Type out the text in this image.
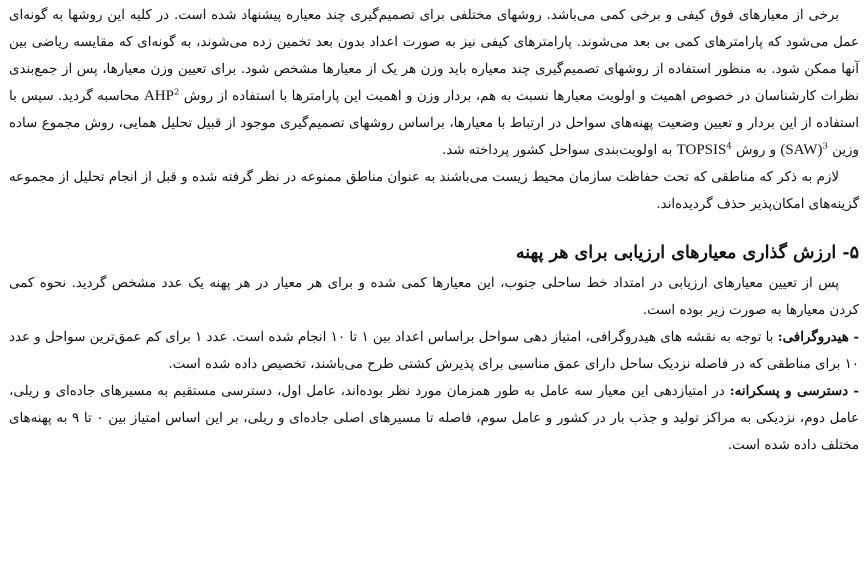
برخی از معیارهای فوق کیفی و برخی کمی می‌باشد. روشهای مختلفی برای تصمیم‌گیری چند معیاره پیشنهاد شده است. در کلیه این روشها به گونه‌ای عمل می‌شود که پارامترهای کمی بی بعد می‌شوند. پارامترهای کیفی نیز به صورت اعداد بدون بعد تخمین زده می‌شوند، به گونه‌ای که مقایسه ریاضی بین آنها ممکن شود. به منظور استفاده از روشهای تصمیم‌گیری چند معیاره باید وزن هر یک از معیارها مشخص شود. برای تعیین وزن معیارها، پس از جمع‌بندی نظرات کارشناسان در خصوص اهمیت و اولویت معیارها نسبت به هم، بردار وزن و اهمیت این پارامترها با استفاده از روش AHP$^2$ محاسبه گردید. سپس با استفاده از این بردار و تعیین وضعیت پهنه‌های سواحل در ارتباط با معیارها، براساس روشهای تصمیم‌گیری موجود از قبیل تحلیل همایی، روش مجموع ساده وزین (SAW)$^3$ و روش TOPSIS$^4$ به اولویت‌بندی سواحل کشور پرداخته شد.

لازم به ذکر که مناطقی که تحت حفاظت سازمان محیط زیست می‌باشند به عنوان مناطق ممنوعه در نظر گرفته شده و قبل از انجام تحلیل از مجموعه گزینه‌های امکان‌پذیر حذف گردیده‌اند.

۵- ارزش گذاری معیارهای ارزیابی برای هر پهنه

پس از تعیین معیارهای ارزیابی در امتداد خط ساحلی جنوب، این معیارها کمی شده و برای هر معیار در هر پهنه یک عدد مشخص گردید. نحوه کمی کردن معیارها به صورت زیر بوده است.

- هیدروگرافی: با توجه به نقشه های هیدروگرافی، امتیاز دهی سواحل براساس اعداد بین ۱ تا ۱۰ انجام شده است. عدد ۱ برای کم عمق‌ترین سواحل و عدد ۱۰ برای مناطقی که در فاصله نزدیک ساحل دارای عمق مناسبی برای پذیرش کشتی طرح می‌باشند، تخصیص داده شده است.

- دسترسی و پسکرانه: در امتیازدهی این معیار سه عامل به طور همزمان مورد نظر بوده‌اند، عامل اول، دسترسی مستقیم به مسیرهای جاده‌ای و ریلی، عامل دوم، نزدیکی به مراکز تولید و جذب بار در کشور و عامل سوم، فاصله تا مسیرهای اصلی جاده‌ای و ریلی، بر این اساس امتیاز بین ۰ تا ۹ به پهنه‌های مختلف داده شده است.
